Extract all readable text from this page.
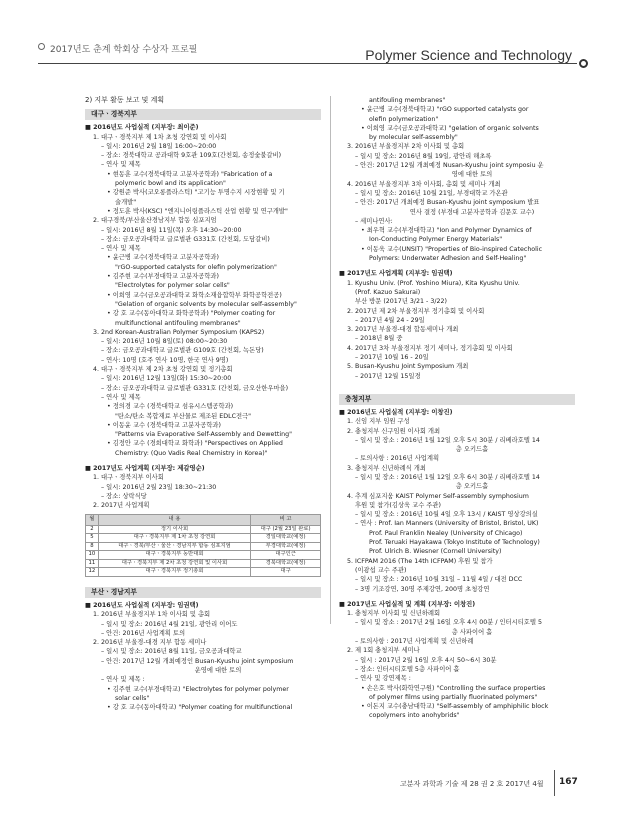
2017년도 춘계 학회상 수상자 프로필	Polymer Science and Technology
2) 지부 활동 보고 및 계획
대구ㆍ경북지부
■ 2016년도 사업실적 (지부장: 최이준)
1. 대구ㆍ경북지부 제 1차 초청 강연회 및 이사회
– 일시: 2016년 2월 18일 16:00~20:00
– 장소: 경북대학교 공과대학 9호관 109호(간친회, 송정숯불갈비)
– 연사 및 제목
• 현동훈 교수(경북대학교 고분자공학과) "Fabrication of a
polymeric bowl and its application"
• 강원준 박사(코오롱플라스틱) "고기능 투명수지 시장현황 및 기
술개발"
• 정도훈 박사(KSC) "엔지니어링플라스틱 산업 현황 및 연구개발"
2. 대구경북/부산울산경남지부 합동 심포지엄
– 일시: 2016년 8월 11일(목) 오후 14:30~20:00
– 장소: 금오공과대학교 글로벌관 G331호 (간친회, 도담갈비)
– 연사 및 제목
• 윤근병 교수(경북대학교 고분자공학과)
"rGO-supported catalysts for olefin polymerization"
• 김주현 교수(부경대학교 고분자공학과)
"Electrolytes for polymer solar cells"
• 이희영 교수(금오공과대학교 화학소재융합학부 화학공학전공)
"Gelation of organic solvents by molecular self-assembly"
• 강 호 교수(동아대학교 화학공학과) "Polymer coating for
multifunctional antifouling membranes"
3. 2nd Korean-Australian Polymer Symposium (KAPS2)
– 일시: 2016년 10월 8일(토) 08:00~20:30
– 장소: 금오공과대학교 글로벌관 G109호 (간친회, 녹돈당)
– 연사: 10명 (호주 연사 10명, 한국 연사 9명)
4. 대구ㆍ경북지부 제 2차 초청 강연회 및 정기총회
– 일시: 2016년 12월 13일(화) 15:30~20:00
– 장소: 금오공과대학교 글로벌관 G331호 (간친회, 금오산한우마을)
– 연사 및 제목
• 정의경 교수 (경북대학교 섬유시스템공학과)
"탄소/탄소 복합재료 부산물로 제조된 EDLC전극"
• 이동윤 교수 (경북대학교 고분자공학과)
"Patterns via Evaporative Self-Assembly and Dewetting"
• 김정안 교수 (경희대학교 화학과) "Perspectives on Applied
Chemistry: (Quo Vadis Real Chemistry in Korea)"
■ 2017년도 사업계획 (지부장: 제갈영순)
1. 대구ㆍ경북지부 이사회
– 일시: 2016년 2월 23일 18:30~21:30
– 장소: 상락식당
2. 2017년 사업계획
월	내 용	비 고
2	정기 이사회	대구 (2월 23일 완료)
5	대구ㆍ경북지부 제 1차 초청 강연회	경일대학교(예정)
8	대구ㆍ경북/부산ㆍ울산ㆍ경남지부 합동 심포지엄	부경대학교(예정)
10	대구ㆍ경북지부 동반대회	대구인근
11	대구ㆍ경북지부 제 2차 초청 강연회 및 이사회	경북대학교(예정)
12	대구ㆍ경북지부 정기총회	대구
부산ㆍ경남지부
■ 2016년도 사업실적 (지부장: 임권택)
1. 2016년 부울경지부 1차 이사회 및 총회
– 일시 및 장소: 2016년 4월 21일, 광안리 이어도
– 안건: 2016년 사업계획 토의
2. 2016년 부울경-대경 지부 합동 세미나
– 일시 및 장소: 2016년 8월 11일, 금오공과대학교
– 안건: 2017년 12월 개최예정인 Busan-Kyushu joint symposium
운영에 대한 토의
– 연사 및 제목 :
• 김주현 교수(부경대학교) "Electrolytes for polymer polymer
solar cells"
• 강 호 교수(동아대학교) "Polymer coating for multifunctional
antifouling membranes"
• 윤근병 교수(경북대학교) "rGO supported catalysts gor
olefin polymerization"
• 이희영 교수(금오공과대학교) "gelation of organic solvents
by molecular self-assembly"
3. 2016년 부울경지부 2차 이사회 및 총회
– 일시 및 장소: 2016년 8월 19일, 광안리 해초록
– 안건: 2017년 12월 개최예정 Nusan-Kyushu joint symposiu 운
영에 대한 토의
4. 2016년 부울경지부 3차 이사회, 총회 및 세미나 개최
– 일시 및 장소: 2016년 10월 21일, 부경대학교 가온관
– 안건: 2017년 개최예정 Busan-Kyushu joint symposium 발표
연사 결정 (부경대 고분자공학과 김문호 교수)
– 세미나연사:
• 최우혁 교수(부경대학교) "Ion and Polymer Dynamics of
Ion-Conducting Polymer Energy Materials"
• 이동욱 교수(UNSIT) "Properties of Bio-inspired Catecholic
Polymers: Underwater Adhesion and Self-Healing"
■ 2017년도 사업계획 (지부장: 임권택)
1. Kyushu Univ. (Prof. Yoshino Miura), Kita Kyushu Univ.
(Prof. Kazuo Sakurai)
부산 방문 (2017년 3/21 - 3/22)
2. 2017년 제 2차 부울경지부 정기총회 및 이사회
– 2017년 4월 24 - 29일
3. 2017년 부울경-대경 합동세미나 개최
– 2018년 8월 중
4. 2017년 3차 부울경지부 정기 세미나, 정기총회 및 이사회
– 2017년 10월 16 - 20일
5. Busan-Kyushu Joint Symposium 개최
– 2017년 12월 15일경
충청지부
■ 2016년도 사업실적 (지부장: 이창진)
1. 신임 지부 임원 구성
2. 충청지부 신구임원 이사회 개최
– 일시 및 장소 : 2016년 1월 12일 오후 5시 30분 / 리베라호텔 14
층 오키드홀
– 토의사항 : 2016년 사업계획
3. 충청지부 신년하례식 개최
– 일시 및 장소 : 2016년 1월 12일 오후 6시 30분 / 리베라호텔 14
층 오키드홀
4. 추계 심포지움 KAIST Polymer Self-assembly symphosium
후원 및 참가(김상욱 교수 주관)
– 일시 및 장소 : 2016년 10월 4일 오후 13시 / KAIST 영상강의실
– 연사 : Prof. Ian Manners (University of Bristol, Bristol, UK)
Prof. Paul Franklin Nealey (University of Chicago)
Prof. Teruaki Hayakawa (Tokyo Institute of Technology)
Prof. Ulrich B. Wiesner (Cornell University)
5. ICFPAM 2016 (The 14th ICFPAM) 후원 및 참가
(이광섭 교수 주관)
– 일시 및 장소 : 2016년 10월 31일 – 11월 4일 / 대전 DCC
– 3명 기조강연, 30명 주제강연, 200명 초청강연
■ 2017년도 사업실적 및 계획 (지부장: 이창진)
1. 충청지부 이사회 및 신년하례회
– 일시 및 장소 : 2017년 2월 16일 오후 4시 00분 / 인터시티호텔 5
층 사파이어 홀
– 토의사항 : 2017년 사업계획 및 신년하례
2. 제 1회 충청지부 세미나
– 일시 : 2017년 2월 16일 오후 4시 50~6시 30분
– 장소: 인터시티호텔 5층 사파이어 홀
– 연사 및 강연제목 :
• 손은호 박사(화학연구원) "Controlling the surface properties
of polymer films using partially fluorinated polymers"
• 이돈지 교수(충남대학교) "Self-assembly of amphiphilic block
copolymers into anohybrids"
고분자 과학과 기술 제 28 권 2 호 2017년 4월 167
